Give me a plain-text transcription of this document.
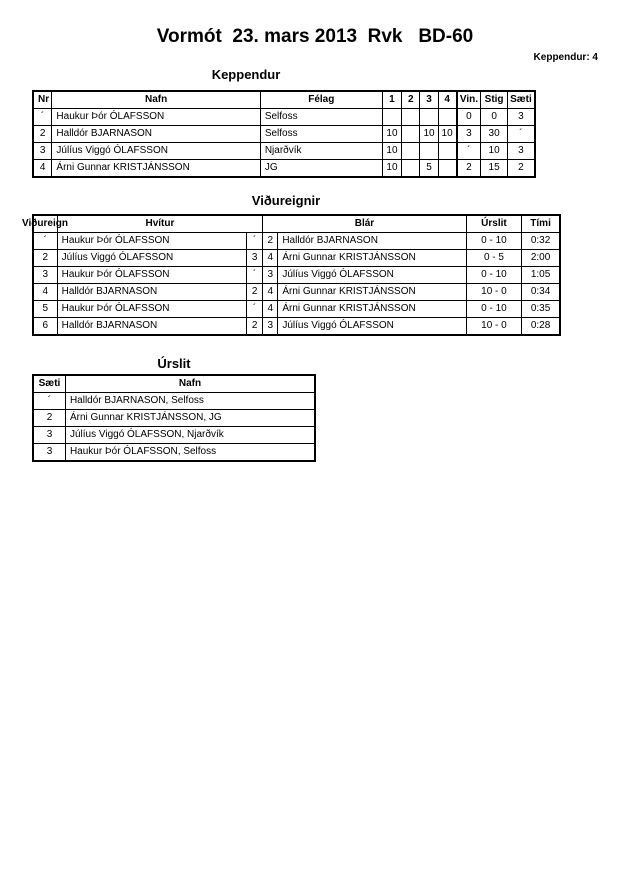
Vormót  23. mars 2013  Rvk   BD-60
Keppendur: 4
Keppendur
Nr	Nafn	Félag	1	2	3	4	Vin.	Stig	Sæti
´	Haukur Þór ÓLAFSSON	Selfoss					0	0	3
2	Halldór BJARNASON	Selfoss	10		10	10	3	30	´
3	Júlíus Viggó ÓLAFSSON	Njarðvík	10				´	10	3
4	Árni Gunnar KRISTJÁNSSON	JG	10		5		2	15	2
Viðureignir
Viðureign	Hvítur		Blár		Úrslit	Tími
´	Haukur Þór ÓLAFSSON	´	2	Halldór BJARNASON	0 - 10	0:32
2	Júlíus Viggó ÓLAFSSON	3	4	Árni Gunnar KRISTJÁNSSON	0 - 5	2:00
3	Haukur Þór ÓLAFSSON	´	3	Júlíus Viggó ÓLAFSSON	0 - 10	1:05
4	Halldór BJARNASON	2	4	Árni Gunnar KRISTJÁNSSON	10 - 0	0:34
5	Haukur Þór ÓLAFSSON	´	4	Árni Gunnar KRISTJÁNSSON	0 - 10	0:35
6	Halldór BJARNASON	2	3	Júlíus Viggó ÓLAFSSON	10 - 0	0:28
Úrslit
Sæti	Nafn
´	Halldór BJARNASON, Selfoss
2	Árni Gunnar KRISTJÁNSSON, JG
3	Júlíus Viggó ÓLAFSSON, Njarðvík
3	Haukur Þór ÓLAFSSON, Selfoss
